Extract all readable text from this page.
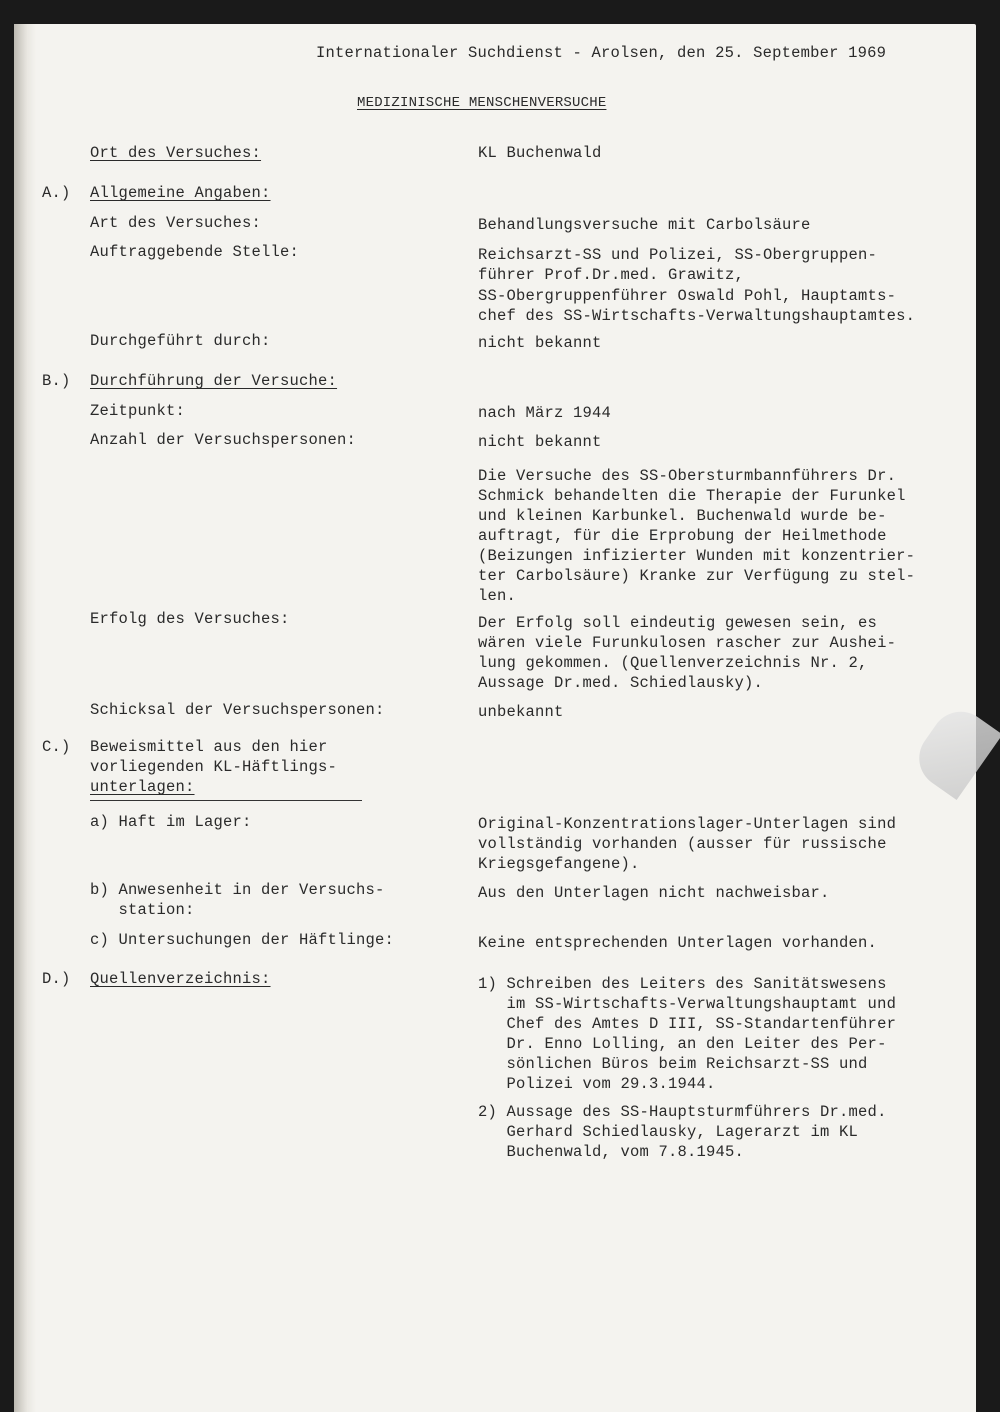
Internationaler Suchdienst - Arolsen, den 25. September 1969
MEDIZINISCHE MENSCHENVERSUCHE
Ort des Versuches:	KL Buchenwald
A.) Allgemeine Angaben:
Art des Versuches:	Behandlungsversuche mit Carbolsäure
Auftraggebende Stelle:	Reichsarzt-SS und Polizei, SS-Obergruppen-
führer Prof.Dr.med. Grawitz,
SS-Obergruppenführer Oswald Pohl, Hauptamts-
chef des SS-Wirtschafts-Verwaltungshauptamtes.
Durchgeführt durch:	nicht bekannt
B.) Durchführung der Versuche:
Zeitpunkt:	nach März 1944
Anzahl der Versuchspersonen:	nicht bekannt
Die Versuche des SS-Obersturmbannführers Dr.
Schmick behandelten die Therapie der Furunkel
und kleinen Karbunkel. Buchenwald wurde be-
auftragt, für die Erprobung der Heilmethode
(Beizungen infizierter Wunden mit konzentrier-
ter Carbolsäure) Kranke zur Verfügung zu stel-
len.
Erfolg des Versuches:	Der Erfolg soll eindeutig gewesen sein, es
wären viele Furunkulosen rascher zur Aushei-
lung gekommen. (Quellenverzeichnis Nr. 2,
Aussage Dr.med. Schiedlausky).
Schicksal der Versuchspersonen:	unbekannt
C.) Beweismittel aus den hier
vorliegenden KL-Häftlings-
unterlagen:
a) Haft im Lager:	Original-Konzentrationslager-Unterlagen sind
vollständig vorhanden (ausser für russische
Kriegsgefangene).
b) Anwesenheit in der Versuchs-
station:
Aus den Unterlagen nicht nachweisbar.
c) Untersuchungen der Häftlinge:	Keine entsprechenden Unterlagen vorhanden.
D.) Quellenverzeichnis:	1) Schreiben des Leiters des Sanitätswesens
im SS-Wirtschafts-Verwaltungshauptamt und
Chef des Amtes D III, SS-Standartenführer
Dr. Enno Lolling, an den Leiter des Per-
sönlichen Büros beim Reichsarzt-SS und
Polizei vom 29.3.1944.
2) Aussage des SS-Hauptsturmführers Dr.med.
Gerhard Schiedlausky, Lagerarzt im KL
Buchenwald, vom 7.8.1945.
